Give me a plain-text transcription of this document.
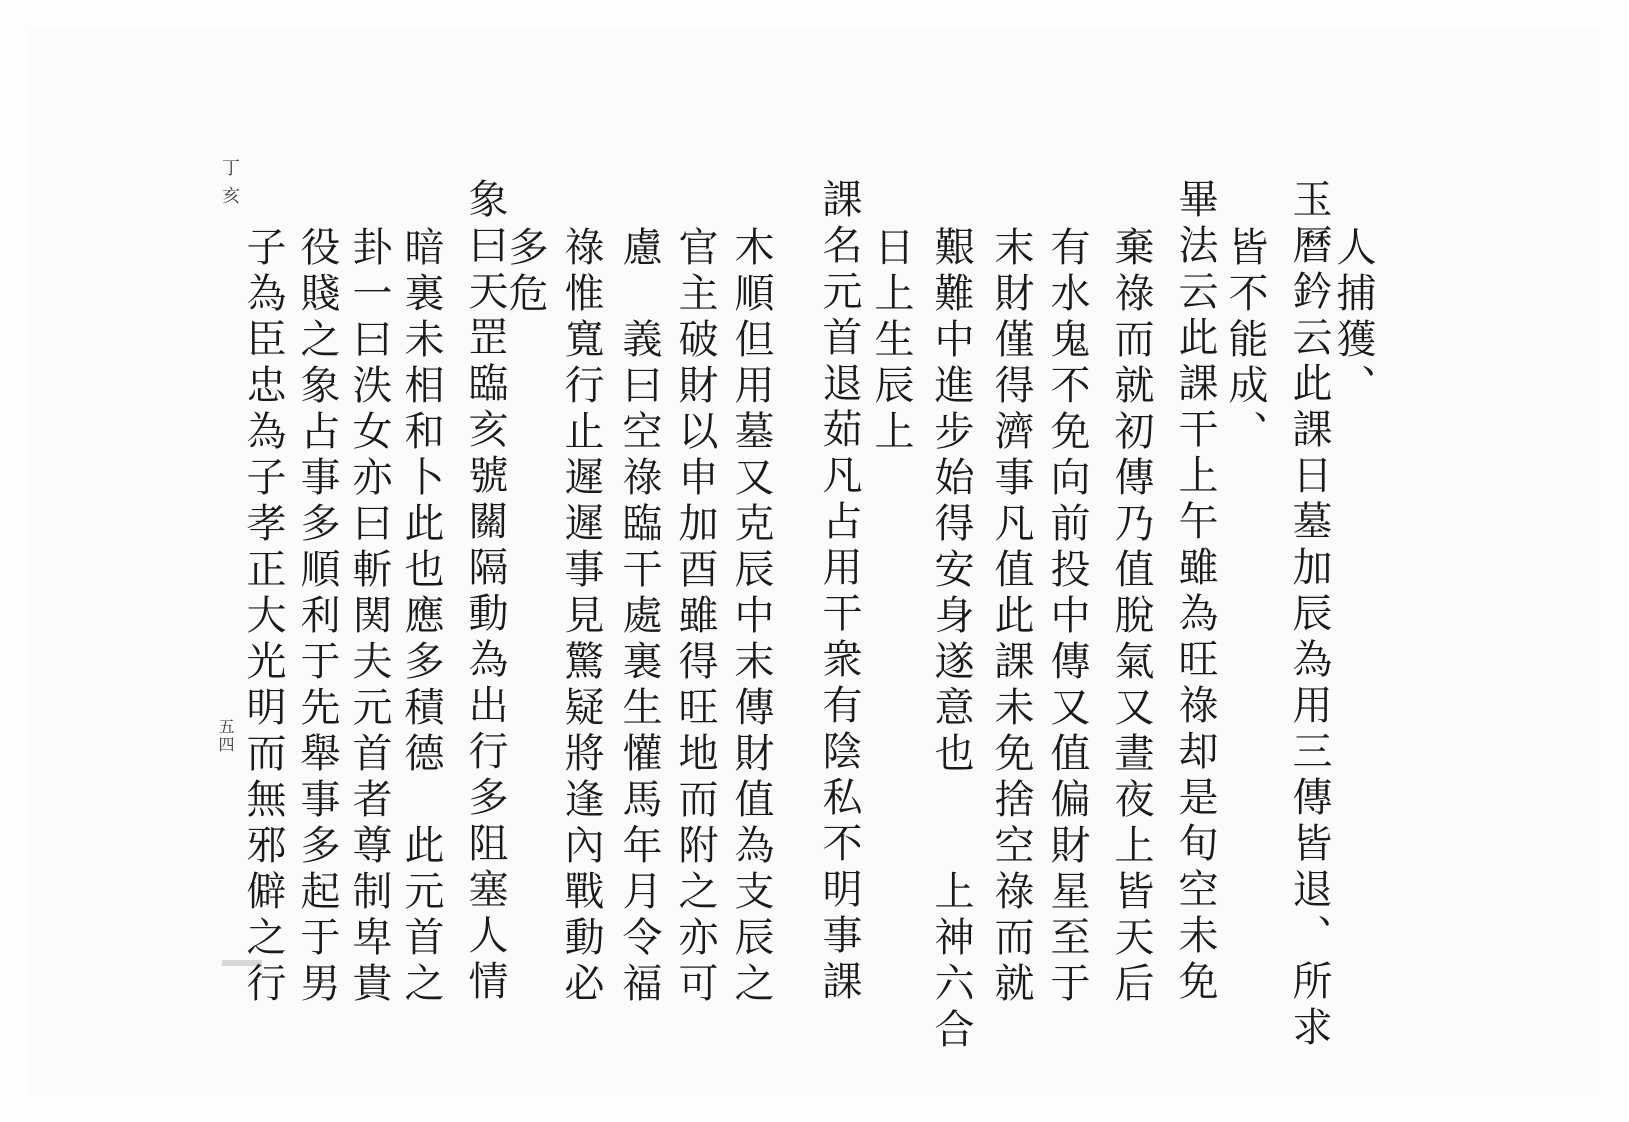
丁亥
五四
人捕獲、
玉曆鈐云此課日墓加辰為用三傳皆退、所求
皆不能成、
畢法云此課干上午雖為旺祿却是旬空未免
棄祿而就初傳乃值脫氣又晝夜上皆天后
有水鬼不免向前投中傳又值偏財星至于
末財僅得濟事凡值此課未免捨空祿而就
艱難中進步始得安身遂意也　　上神六合
日上生辰上
課名元首退茹凡占用干衆有陰私不明事課
木順但用墓又克辰中末傳財值為支辰之
官主破財以申加酉雖得旺地而附之亦可
慮　義曰空祿臨干處裏生懽馬年月令福
祿惟寬行止遲遲事見驚疑將逢內戰動必
多危
象曰天罡臨亥號關隔動為出行多阻塞人情
暗裏未相和卜此也應多積德　此元首之
卦一曰泆女亦曰斬関夫元首者尊制卑貴
役賤之象占事多順利于先舉事多起于男
子為臣忠為子孝正大光明而無邪僻之行
